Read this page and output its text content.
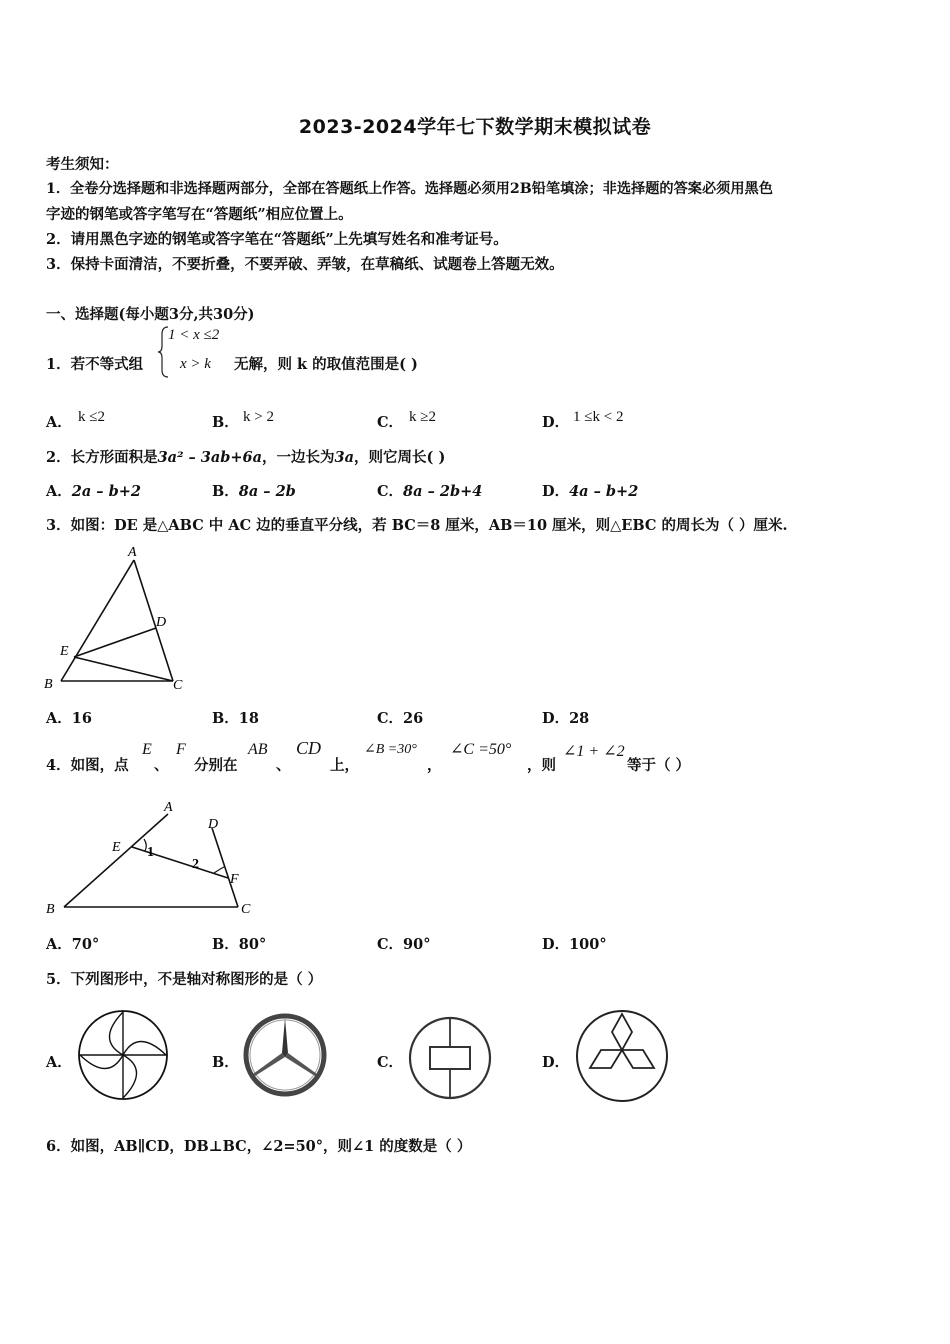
2023-2024学年七下数学期末模拟试卷
考生须知：
1．全卷分选择题和非选择题两部分，全部在答题纸上作答。选择题必须用2B铅笔填涂；非选择题的答案必须用黑色
字迹的钢笔或答字笔写在“答题纸”相应位置上。
2．请用黑色字迹的钢笔或答字笔在“答题纸”上先填写姓名和准考证号。
3．保持卡面清洁，不要折叠，不要弄破、弄皱，在草稿纸、试题卷上答题无效。
一、选择题(每小题3分,共30分)
1．若不等式组
1 < x ≤2
x > k 无解，则 k 的取值范围是( )
A． k ≤2	B． k > 2	C． k ≥2	D． 1 ≤k < 2
2．长方形面积是3a² – 3ab+6a，一边长为3a，则它周长( )
A．2a – b+2	B．8a – 2b	C．8a – 2b+4	D．4a – b+2
3．如图：DE 是△ABC 中 AC 边的垂直平分线，若 BC＝8 厘米，AB＝10 厘米，则△EBC 的周长为（ ）厘米.
A
D
E
B	C
A．16	B．18	C．26	D．28
4．如图，点
E
、
F
分别在
AB
、
CD
上，
∠B =30°
，
∠C =50°
，则
∠1 + ∠2
等于（ ）
A
D
E 1
2
F
B	C
A．70°	B．80°	C．90°	D．100°
5．下列图形中，不是轴对称图形的是（ ）
A．	B．	C．	D．
6．如图，AB∥CD，DB⊥BC，∠2=50°，则∠1 的度数是（ ）
